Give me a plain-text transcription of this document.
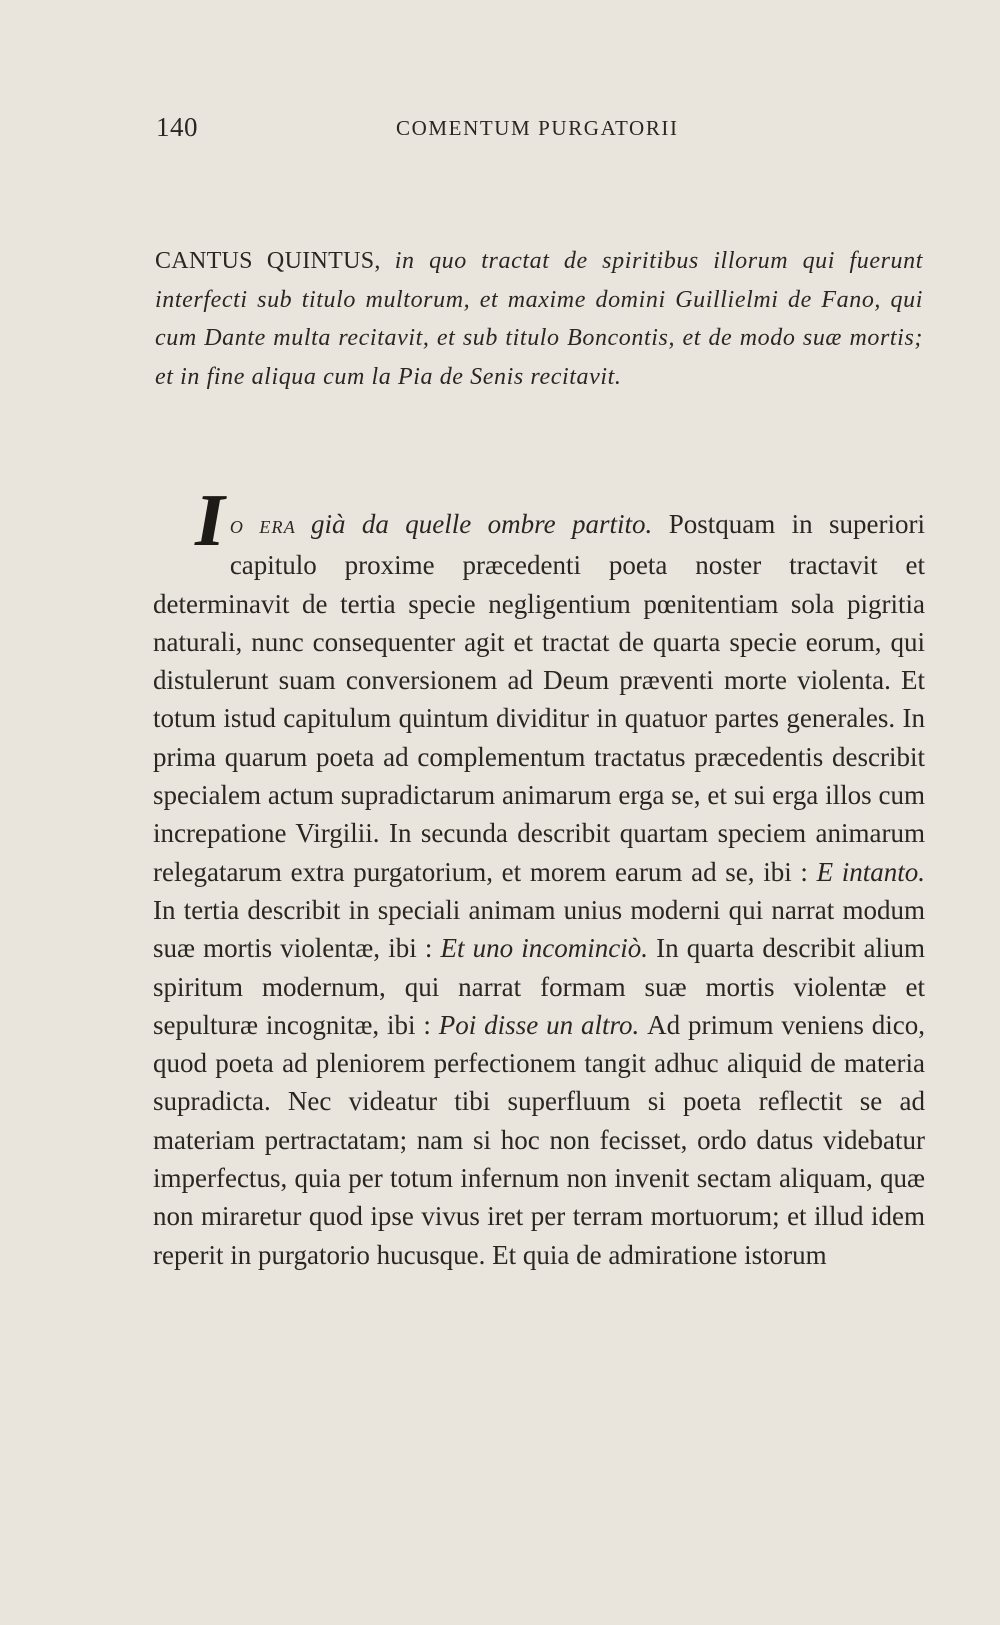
140	COMENTUM PURGATORII
CANTUS QUINTUS, in quo tractat de spiritibus illorum qui fuerunt interfecti sub titulo multorum, et maxime domini Guillielmi de Fano, qui cum Dante multa recitavit, et sub titulo Boncontis, et de modo suæ mortis; et in fine aliqua cum la Pia de Senis recitavit.
I O ERA già da quelle ombre partito. Postquam in superiori capitulo proxime præcedenti poeta noster tractavit et determinavit de tertia specie negligentium pœnitentiam sola pigritia naturali, nunc consequenter agit et tractat de quarta specie eorum, qui distulerunt suam conversionem ad Deum præventi morte violenta. Et totum istud capitulum quintum dividitur in quatuor partes generales. In prima quarum poeta ad complementum tractatus præcedentis describit specialem actum supradictarum animarum erga se, et sui erga illos cum increpatione Virgilii. In secunda describit quartam speciem animarum relegatarum extra purgatorium, et morem earum ad se, ibi : E intanto. In tertia describit in speciali animam unius moderni qui narrat modum suæ mortis violentæ, ibi : Et uno incominciò. In quarta describit alium spiritum modernum, qui narrat formam suæ mortis violentæ et sepulturæ incognitæ, ibi : Poi disse un altro. Ad primum veniens dico, quod poeta ad pleniorem perfectionem tangit adhuc aliquid de materia supradicta. Nec videatur tibi superfluum si poeta reflectit se ad materiam pertractatam; nam si hoc non fecisset, ordo datus videbatur imperfectus, quia per totum infernum non invenit sectam aliquam, quæ non miraretur quod ipse vivus iret per terram mortuorum; et illud idem reperit in purgatorio hucusque. Et quia de admiratione istorum
